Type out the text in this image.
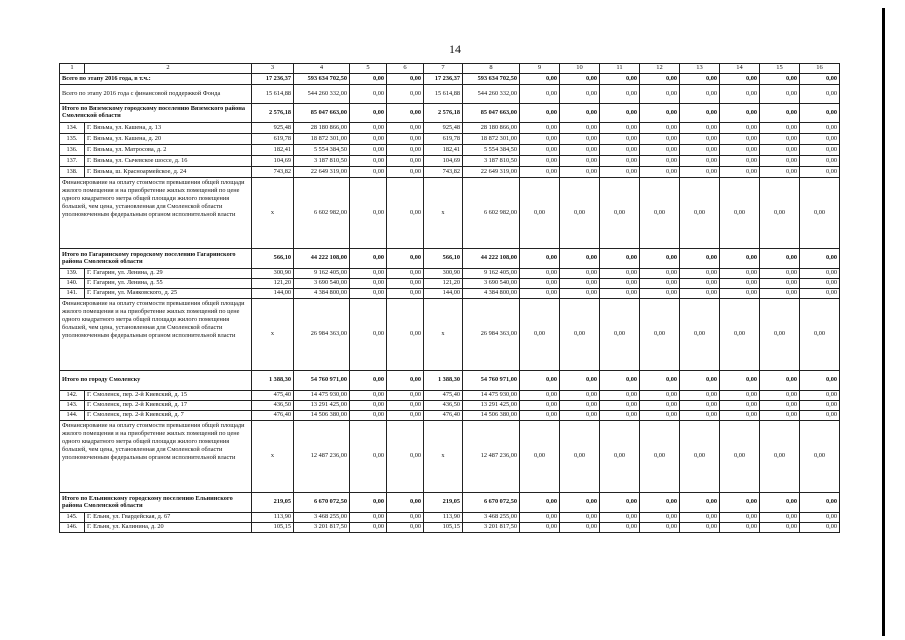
14
1	2	3	4	5	6	7	8	9	10	11	12	13	14	15	16
Всего по этапу 2016 года, в т.ч.:		17 236,37	593 634 702,50	0,00	0,00	17 236,37	593 634 702,50	0,00	0,00	0,00	0,00	0,00	0,00	0,00	0,00
Всего по этапу 2016 года с финансовой поддержкой Фонда		15 614,88	544 260 332,00	0,00	0,00	15 614,88	544 260 332,00	0,00	0,00	0,00	0,00	0,00	0,00	0,00	0,00
Итого по Вяземскому городскому поселению Вяземского района Смоленской области		2 576,18	85 047 663,00	0,00	0,00	2 576,18	85 047 663,00	0,00	0,00	0,00	0,00	0,00	0,00	0,00	0,00
134.	Г. Вязьма, ул. Кашена, д. 13	925,48	28 180 866,00	0,00	0,00	925,48	28 180 866,00	0,00	0,00	0,00	0,00	0,00	0,00	0,00	0,00
135.	Г. Вязьма, ул. Кашена, д. 20	619,78	18 872 301,00	0,00	0,00	619,78	18 872 301,00	0,00	0,00	0,00	0,00	0,00	0,00	0,00	0,00
136.	Г. Вязьма, ул. Матросова, д. 2	182,41	5 554 384,50	0,00	0,00	182,41	5 554 384,50	0,00	0,00	0,00	0,00	0,00	0,00	0,00	0,00
137.	Г. Вязьма, ул. Сычевское шоссе, д. 16	104,69	3 187 810,50	0,00	0,00	104,69	3 187 810,50	0,00	0,00	0,00	0,00	0,00	0,00	0,00	0,00
138.	Г. Вязьма, ш. Красноармейское, д. 24	743,82	22 649 319,00	0,00	0,00	743,82	22 649 319,00	0,00	0,00	0,00	0,00	0,00	0,00	0,00	0,00
Финансирование на оплату стоимости превышения общей площади жилого помещения и на приобретение жилых помещений по цене одного квадратного метра общей площади жилого помещения большей, чем цена, установленная для Смоленской области уполномоченным федеральным органом исполнительной власти		х	6 602 982,00	0,00	0,00	х	6 602 982,00	0,00	0,00	0,00	0,00	0,00	0,00	0,00	0,00
Итого по Гагаринскому городскому поселению Гагаринского района Смоленской области		566,10	44 222 108,00	0,00	0,00	566,10	44 222 108,00	0,00	0,00	0,00	0,00	0,00	0,00	0,00	0,00
139.	Г. Гагарин, ул. Ленина, д. 29	300,90	9 162 405,00	0,00	0,00	300,90	9 162 405,00	0,00	0,00	0,00	0,00	0,00	0,00	0,00	0,00
140.	Г. Гагарин, ул. Ленина, д. 55	121,20	3 690 540,00	0,00	0,00	121,20	3 690 540,00	0,00	0,00	0,00	0,00	0,00	0,00	0,00	0,00
141.	Г. Гагарин, ул. Маяковского, д. 25	144,00	4 384 800,00	0,00	0,00	144,00	4 384 800,00	0,00	0,00	0,00	0,00	0,00	0,00	0,00	0,00
Финансирование на оплату стоимости превышения общей площади жилого помещения и на приобретение жилых помещений по цене одного квадратного метра общей площади жилого помещения большей, чем цена, установленная для Смоленской области уполномоченным федеральным органом исполнительной власти		х	26 984 363,00	0,00	0,00	х	26 984 363,00	0,00	0,00	0,00	0,00	0,00	0,00	0,00	0,00
Итого по городу Смоленску		1 388,30	54 760 971,00	0,00	0,00	1 388,30	54 760 971,00	0,00	0,00	0,00	0,00	0,00	0,00	0,00	0,00
142.	Г. Смоленск, пер. 2-й Киевский, д. 15	475,40	14 475 930,00	0,00	0,00	475,40	14 475 930,00	0,00	0,00	0,00	0,00	0,00	0,00	0,00	0,00
143.	Г. Смоленск, пер. 2-й Киевский, д. 17	436,50	13 291 425,00	0,00	0,00	436,50	13 291 425,00	0,00	0,00	0,00	0,00	0,00	0,00	0,00	0,00
144.	Г. Смоленск, пер. 2-й Киевский, д. 7	476,40	14 506 380,00	0,00	0,00	476,40	14 506 380,00	0,00	0,00	0,00	0,00	0,00	0,00	0,00	0,00
Финансирование на оплату стоимости превышения общей площади жилого помещения и на приобретение жилых помещений по цене одного квадратного метра общей площади жилого помещения большей, чем цена, установленная для Смоленской области уполномоченным федеральным органом исполнительной власти		х	12 487 236,00	0,00	0,00	х	12 487 236,00	0,00	0,00	0,00	0,00	0,00	0,00	0,00	0,00
Итого по Ельнинскому городскому поселению Ельнинского района Смоленской области		219,05	6 670 072,50	0,00	0,00	219,05	6 670 072,50	0,00	0,00	0,00	0,00	0,00	0,00	0,00	0,00
145.	Г. Ельня, ул. Гвардейская, д. 67	113,90	3 468 255,00	0,00	0,00	113,90	3 468 255,00	0,00	0,00	0,00	0,00	0,00	0,00	0,00	0,00
146.	Г. Ельня, ул. Калинина, д. 20	105,15	3 201 817,50	0,00	0,00	105,15	3 201 817,50	0,00	0,00	0,00	0,00	0,00	0,00	0,00	0,00
